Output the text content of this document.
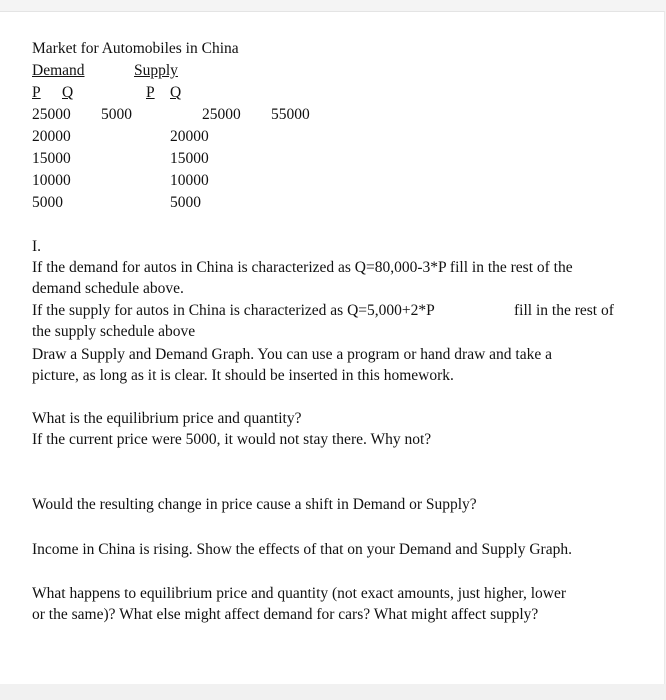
Market for Automobiles in China
Demand	Supply
P Q	P Q
25000 5000	25000 55000
20000	20000
15000	15000
10000	10000
5000	5000
I.
If the demand for autos in China is characterized as Q=80,000-3*P fill in the rest of the
demand schedule above.
If the supply for autos in China is characterized as Q=5,000+2*P	fill in the rest of
the supply schedule above
Draw a Supply and Demand Graph. You can use a program or hand draw and take a
picture, as long as it is clear. It should be inserted in this homework.
What is the equilibrium price and quantity?
If the current price were 5000, it would not stay there. Why not?
Would the resulting change in price cause a shift in Demand or Supply?
Income in China is rising. Show the effects of that on your Demand and Supply Graph.
What happens to equilibrium price and quantity (not exact amounts, just higher, lower
or the same)? What else might affect demand for cars? What might affect supply?
